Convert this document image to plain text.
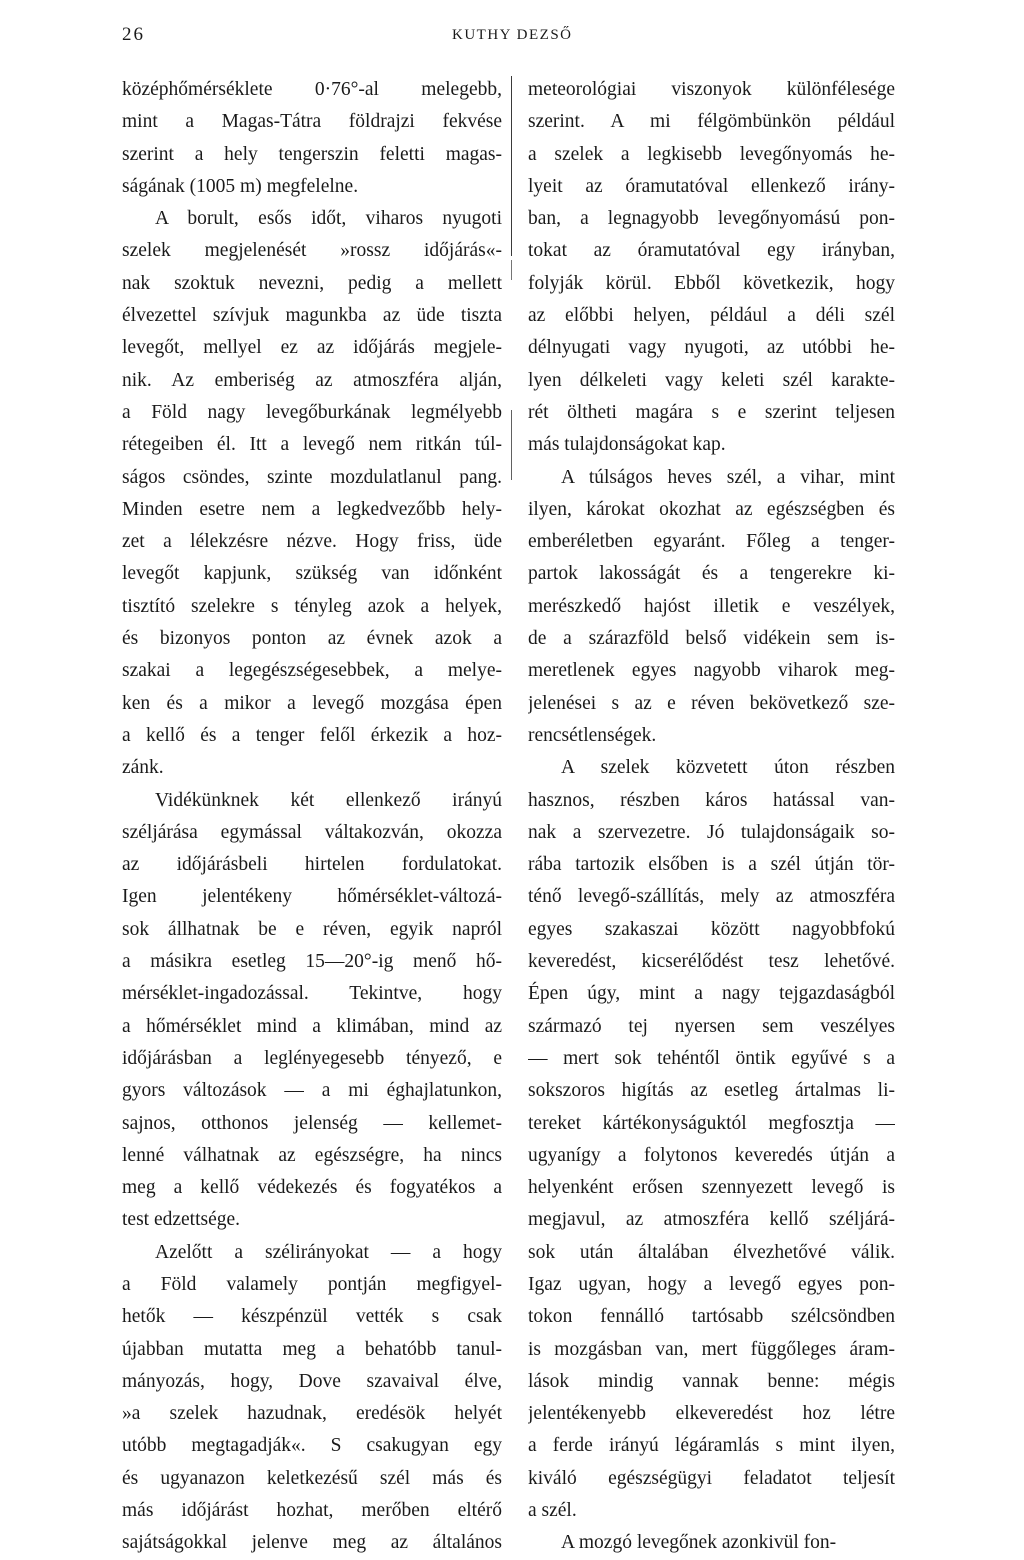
26	KUTHY DEZSŐ
középhőmérséklete 0·76°-al melegebb,
mint a Magas-Tátra földrajzi fekvése
szerint a hely tengerszin feletti magas-
ságának (1005 m) megfelelne.
A borult, esős időt, viharos nyugoti
szelek megjelenését »rossz időjárás«-
nak szoktuk nevezni, pedig a mellett
élvezettel szívjuk magunkba az üde tiszta
levegőt, mellyel ez az időjárás megjele-
nik. Az emberiség az atmoszféra alján,
a Föld nagy levegőburkának legmélyebb
rétegeiben él. Itt a levegő nem ritkán túl-
ságos csöndes, szinte mozdulatlanul pang.
Minden esetre nem a legkedvezőbb hely-
zet a lélekzésre nézve. Hogy friss, üde
levegőt kapjunk, szükség van időnként
tisztító szelekre s tényleg azok a helyek,
és bizonyos ponton az évnek azok a
szakai a legegészségesebbek, a melye-
ken és a mikor a levegő mozgása épen
a kellő és a tenger felől érkezik a hoz-
zánk.
Vidékünknek két ellenkező irányú
széljárása egymással váltakozván, okozza
az időjárásbeli hirtelen fordulatokat.
Igen jelentékeny hőmérséklet-változá-
sok állhatnak be e réven, egyik napról
a másikra esetleg 15—20°-ig menő hő-
mérséklet-ingadozással. Tekintve, hogy
a hőmérséklet mind a klimában, mind az
időjárásban a leglényegesebb tényező, e
gyors változások — a mi éghajlatunkon,
sajnos, otthonos jelenség — kellemet-
lenné válhatnak az egészségre, ha nincs
meg a kellő védekezés és fogyatékos a
test edzettsége.
Azelőtt a szélirányokat — a hogy
a Föld valamely pontján megfigyel-
hetők — készpénzül vették s csak
újabban mutatta meg a behatóbb tanul-
mányozás, hogy, Dove szavaival élve,
»a szelek hazudnak, eredésök helyét
utóbb megtagadják«. S csakugyan egy
és ugyanazon keletkezésű szél más és
más időjárást hozhat, merőben eltérő
sajátságokkal jelenve meg az általános
meteorológiai viszonyok különfélesége
szerint. A mi félgömbünkön például
a szelek a legkisebb levegőnyomás he-
lyeit az óramutatóval ellenkező irány-
ban, a legnagyobb levegőnyomású pon-
tokat az óramutatóval egy irányban,
folyják körül. Ebből következik, hogy
az előbbi helyen, például a déli szél
délnyugati vagy nyugoti, az utóbbi he-
lyen délkeleti vagy keleti szél karakte-
rét öltheti magára s e szerint teljesen
más tulajdonságokat kap.
A túlságos heves szél, a vihar, mint
ilyen, károkat okozhat az egészségben és
emberéletben egyaránt. Főleg a tenger-
partok lakosságát és a tengerekre ki-
merészkedő hajóst illetik e veszélyek,
de a szárazföld belső vidékein sem is-
meretlenek egyes nagyobb viharok meg-
jelenései s az e réven bekövetkező sze-
rencsétlenségek.
A szelek közvetett úton részben
hasznos, részben káros hatással van-
nak a szervezetre. Jó tulajdonságaik so-
rába tartozik elsőben is a szél útján tör-
ténő levegő-szállítás, mely az atmoszféra
egyes szakaszai között nagyobbfokú
keveredést, kicserélődést tesz lehetővé.
Épen úgy, mint a nagy tejgazdaságból
származó tej nyersen sem veszélyes
— mert sok tehéntől öntik egyűvé s a
sokszoros higítás az esetleg ártalmas li-
tereket kártékonyságuktól megfosztja —
ugyanígy a folytonos keveredés útján a
helyenként erősen szennyezett levegő is
megjavul, az atmoszféra kellő széljárá-
sok után általában élvezhetővé válik.
Igaz ugyan, hogy a levegő egyes pon-
tokon fennálló tartósabb szélcsöndben
is mozgásban van, mert függőleges áram-
lások mindig vannak benne: mégis
jelentékenyebb elkeveredést hoz létre
a ferde irányú légáramlás s mint ilyen,
kiváló egészségügyi feladatot teljesít
a szél.
A mozgó levegőnek azonkivül fon-
